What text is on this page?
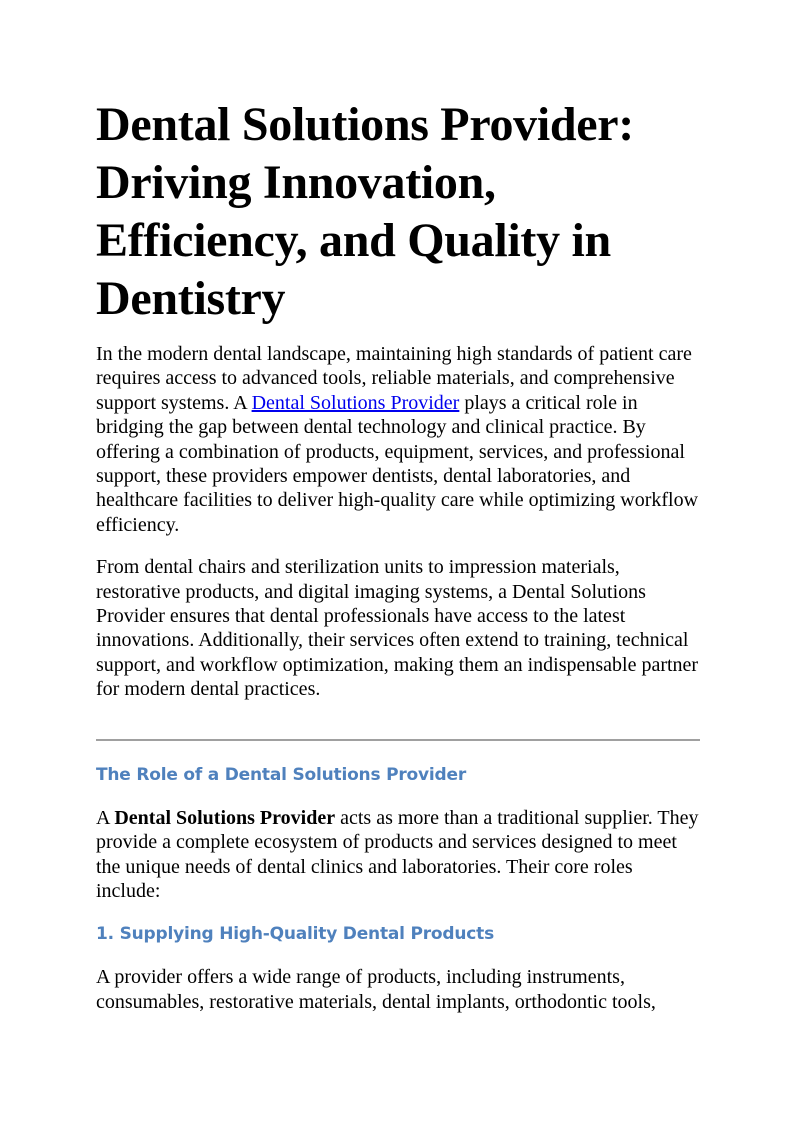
Dental Solutions Provider: Driving Innovation, Efficiency, and Quality in Dentistry

In the modern dental landscape, maintaining high standards of patient care requires access to advanced tools, reliable materials, and comprehensive support systems. A Dental Solutions Provider plays a critical role in bridging the gap between dental technology and clinical practice. By offering a combination of products, equipment, services, and professional support, these providers empower dentists, dental laboratories, and healthcare facilities to deliver high-quality care while optimizing workflow efficiency.

From dental chairs and sterilization units to impression materials, restorative products, and digital imaging systems, a Dental Solutions Provider ensures that dental professionals have access to the latest innovations. Additionally, their services often extend to training, technical support, and workflow optimization, making them an indispensable partner for modern dental practices.

The Role of a Dental Solutions Provider

A Dental Solutions Provider acts as more than a traditional supplier. They provide a complete ecosystem of products and services designed to meet the unique needs of dental clinics and laboratories. Their core roles include:

1. Supplying High-Quality Dental Products

A provider offers a wide range of products, including instruments, consumables, restorative materials, dental implants, orthodontic tools,
